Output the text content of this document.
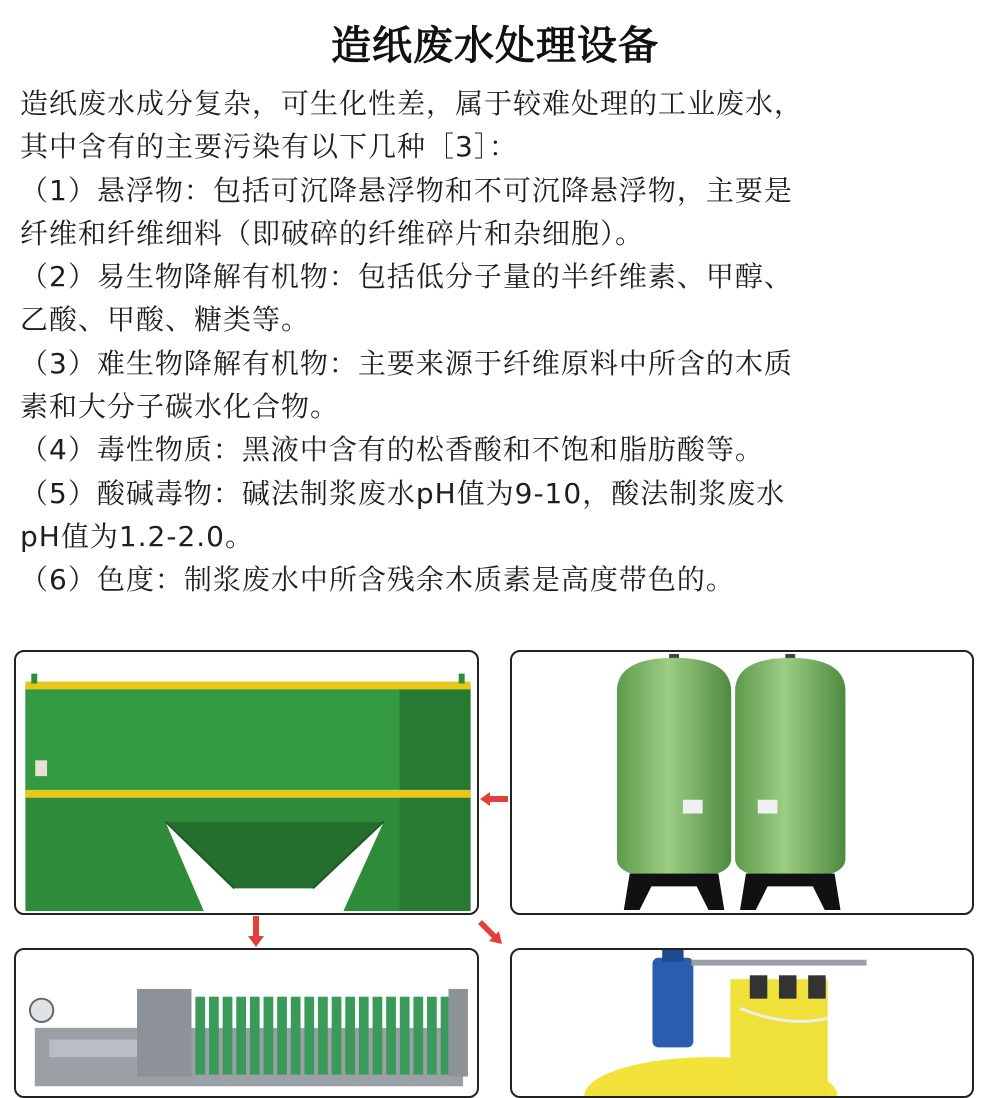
造纸废水处理设备

造纸废水成分复杂，可生化性差，属于较难处理的工业废水，

其中含有的主要污染有以下几种［3］：

（1）悬浮物：包括可沉降悬浮物和不可沉降悬浮物，主要是

纤维和纤维细料（即破碎的纤维碎片和杂细胞）。

（2）易生物降解有机物：包括低分子量的半纤维素、甲醇、

乙酸、甲酸、糖类等。

（3）难生物降解有机物：主要来源于纤维原料中所含的木质

素和大分子碳水化合物。

（4）毒性物质：黑液中含有的松香酸和不饱和脂肪酸等。

（5）酸碱毒物：碱法制浆废水pH值为9-10，酸法制浆废水

pH值为1.2-2.0。

（6）色度：制浆废水中所含残余木质素是高度带色的。
